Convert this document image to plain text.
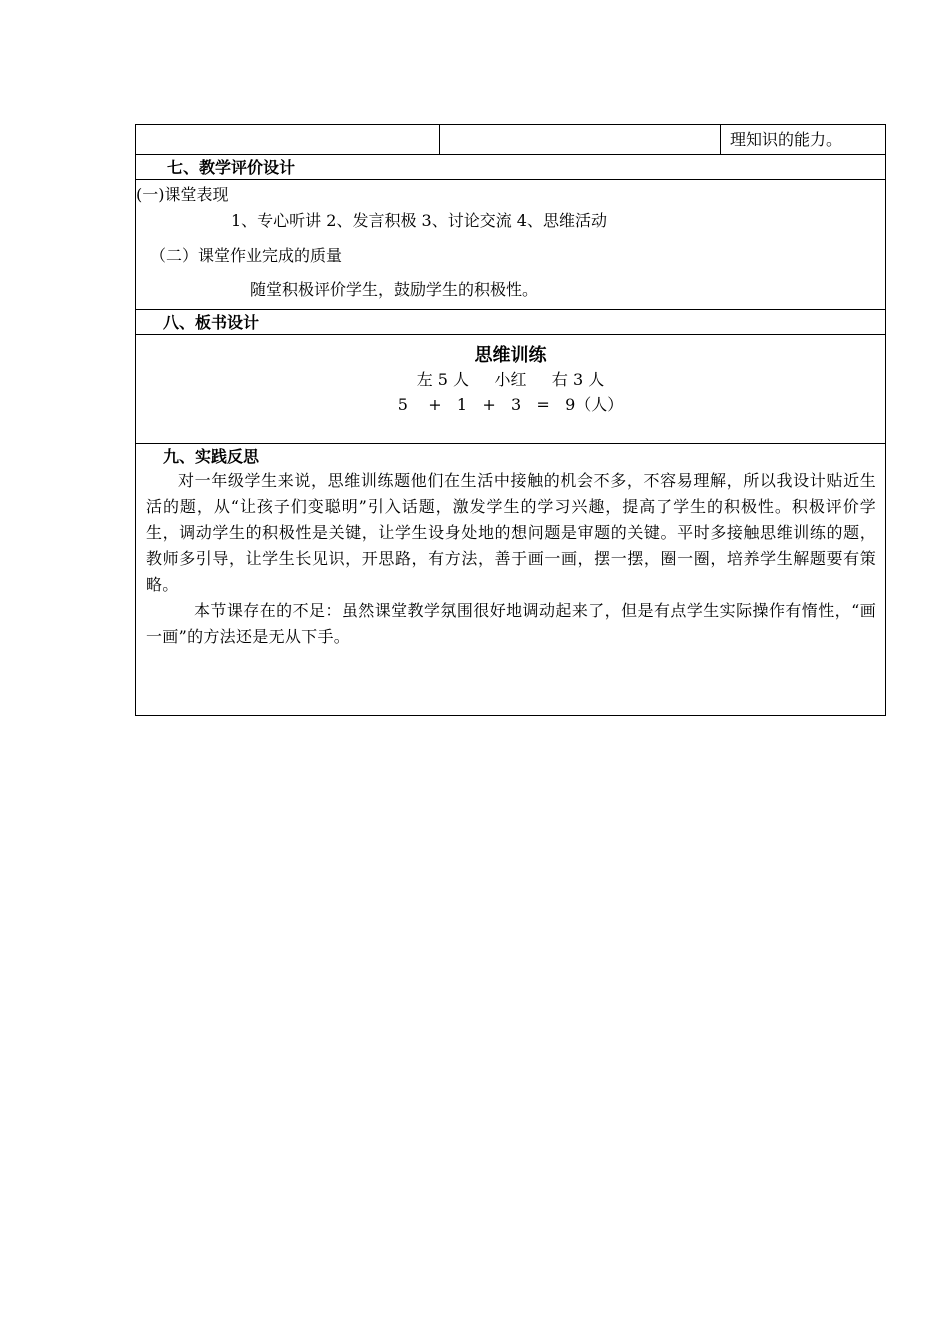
理知识的能力。
七、教学评价设计
(一)课堂表现
1、专心听讲 2、发言积极 3、讨论交流 4、思维活动
（二）课堂作业完成的质量
随堂积极评价学生，鼓励学生的积极性。
八、板书设计
思维训练
左 5 人     小红     右 3 人
5    +   1   +   3   =   9（人）
九、实践反思

对一年级学生来说，思维训练题他们在生活中接触的机会不多，不容易理解，所以我设计贴近生活的题，从“让孩子们变聪明”引入话题，激发学生的学习兴趣，提高了学生的积极性。积极评价学生，调动学生的积极性是关键，让学生设身处地的想问题是审题的关键。平时多接触思维训练的题，教师多引导，让学生长见识，开思路，有方法，善于画一画，摆一摆，圈一圈，培养学生解题要有策略。

本节课存在的不足：虽然课堂教学氛围很好地调动起来了，但是有点学生实际操作有惰性，“画一画”的方法还是无从下手。
